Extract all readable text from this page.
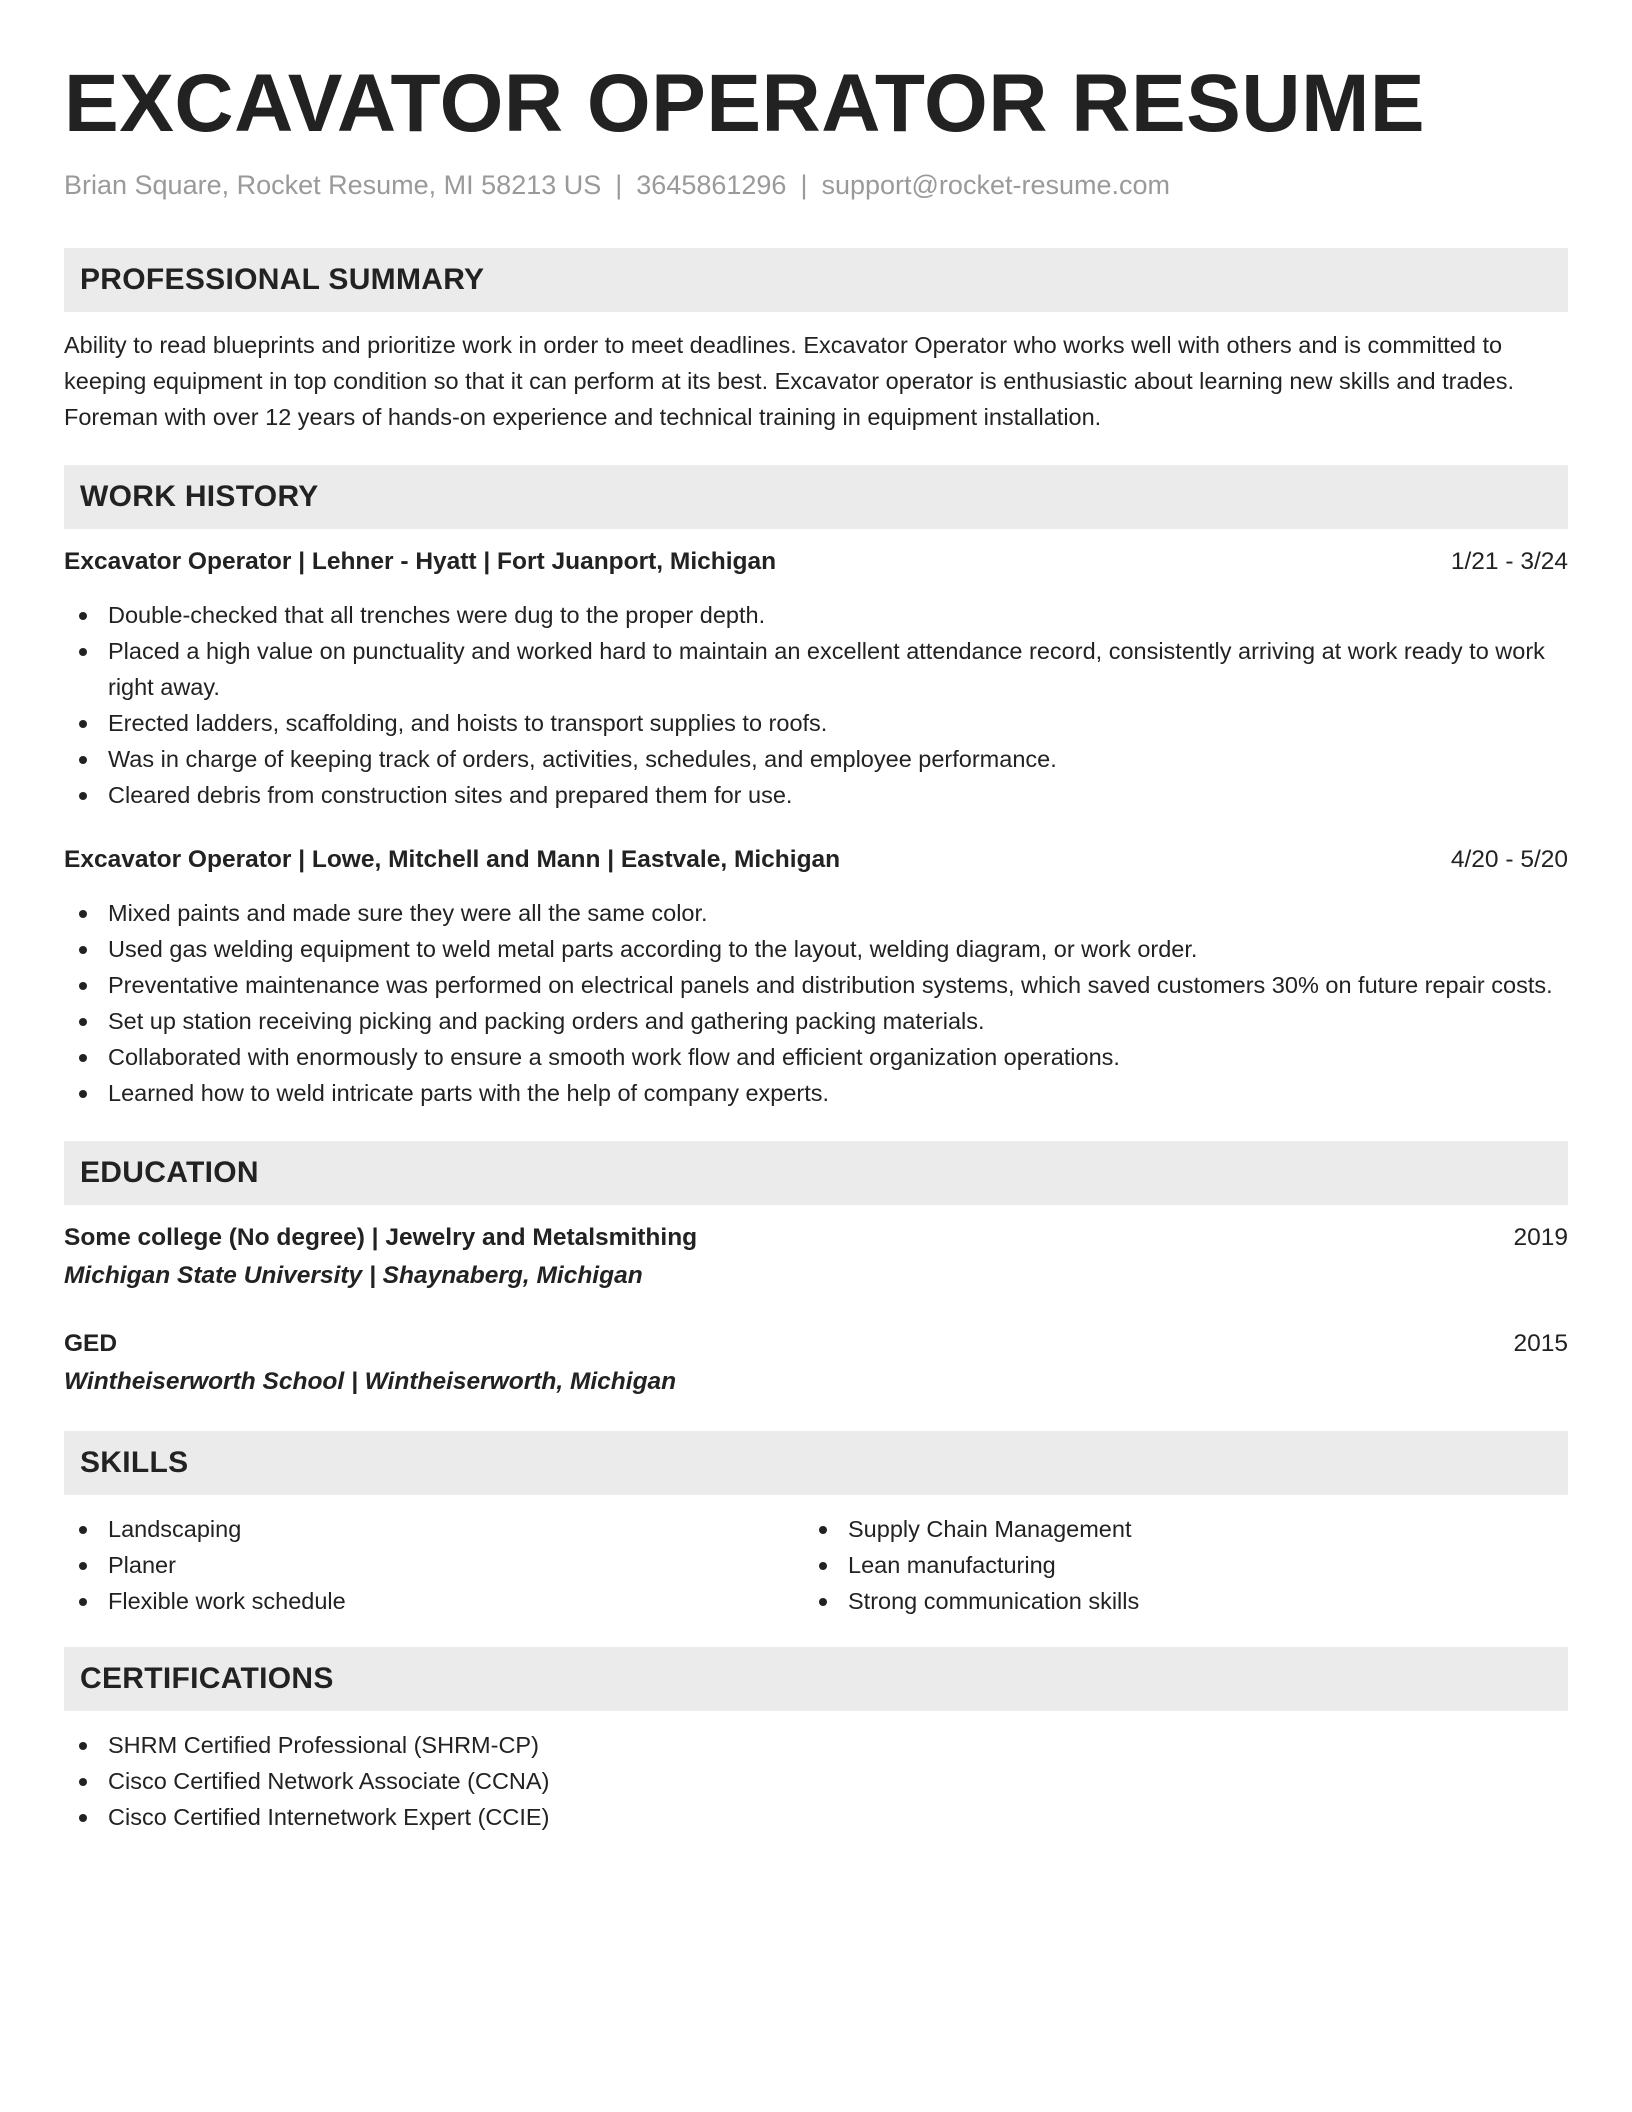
EXCAVATOR OPERATOR RESUME
Brian Square, Rocket Resume, MI 58213 US | 3645861296 | support@rocket-resume.com
PROFESSIONAL SUMMARY
Ability to read blueprints and prioritize work in order to meet deadlines. Excavator Operator who works well with others and is committed to keeping equipment in top condition so that it can perform at its best. Excavator operator is enthusiastic about learning new skills and trades. Foreman with over 12 years of hands-on experience and technical training in equipment installation.
WORK HISTORY
Excavator Operator | Lehner - Hyatt | Fort Juanport, Michigan	1/21 - 3/24
Double-checked that all trenches were dug to the proper depth.
Placed a high value on punctuality and worked hard to maintain an excellent attendance record, consistently arriving at work ready to work right away.
Erected ladders, scaffolding, and hoists to transport supplies to roofs.
Was in charge of keeping track of orders, activities, schedules, and employee performance.
Cleared debris from construction sites and prepared them for use.
Excavator Operator | Lowe, Mitchell and Mann | Eastvale, Michigan	4/20 - 5/20
Mixed paints and made sure they were all the same color.
Used gas welding equipment to weld metal parts according to the layout, welding diagram, or work order.
Preventative maintenance was performed on electrical panels and distribution systems, which saved customers 30% on future repair costs.
Set up station receiving picking and packing orders and gathering packing materials.
Collaborated with enormously to ensure a smooth work flow and efficient organization operations.
Learned how to weld intricate parts with the help of company experts.
EDUCATION
Some college (No degree) | Jewelry and Metalsmithing	2019
Michigan State University | Shaynaberg, Michigan
GED	2015
Wintheiserworth School | Wintheiserworth, Michigan
SKILLS
Landscaping
Planer
Flexible work schedule
Supply Chain Management
Lean manufacturing
Strong communication skills
CERTIFICATIONS
SHRM Certified Professional (SHRM-CP)
Cisco Certified Network Associate (CCNA)
Cisco Certified Internetwork Expert (CCIE)
